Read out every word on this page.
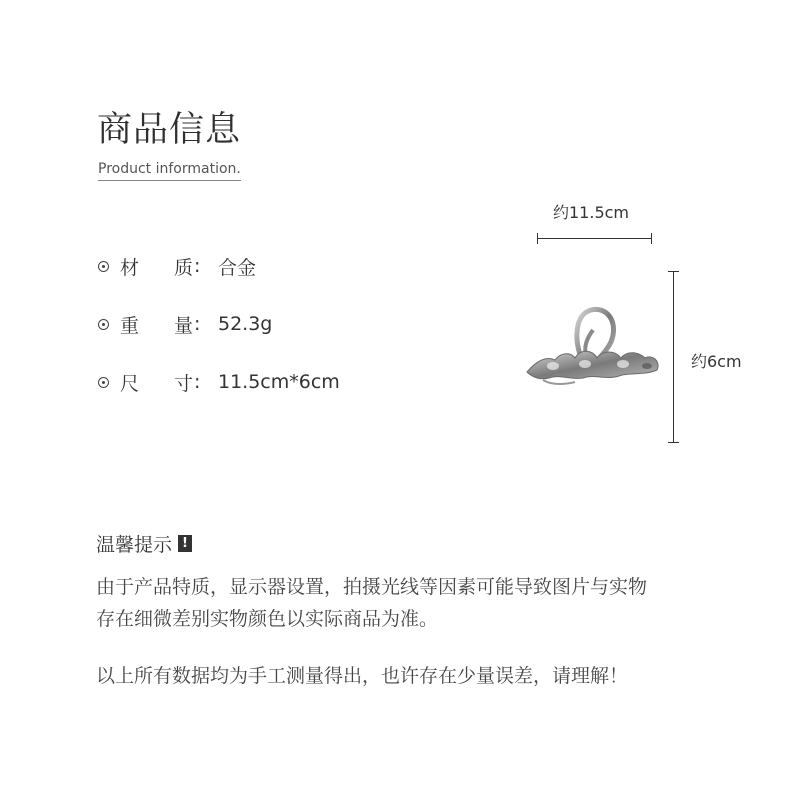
商品信息
Product information.
材	质 : 合金
重	量 : 52.3g
尺	寸 : 11.5cm*6cm
约11.5cm
约6cm
温馨提示 !
由于产品特质，显示器设置，拍摄光线等因素可能导致图片与实物
存在细微差别实物颜色以实际商品为准。
以上所有数据均为手工测量得出，也许存在少量误差，请理解！
